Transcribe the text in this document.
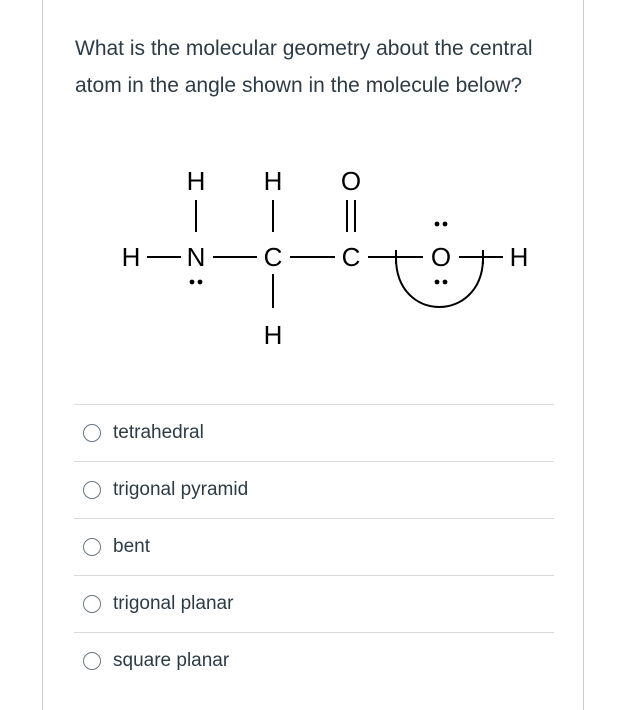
What is the molecular geometry about the central atom in the angle shown in the molecule below?

H H O
H N C C	O H
H
tetrahedral
trigonal pyramid
bent
trigonal planar
square planar
